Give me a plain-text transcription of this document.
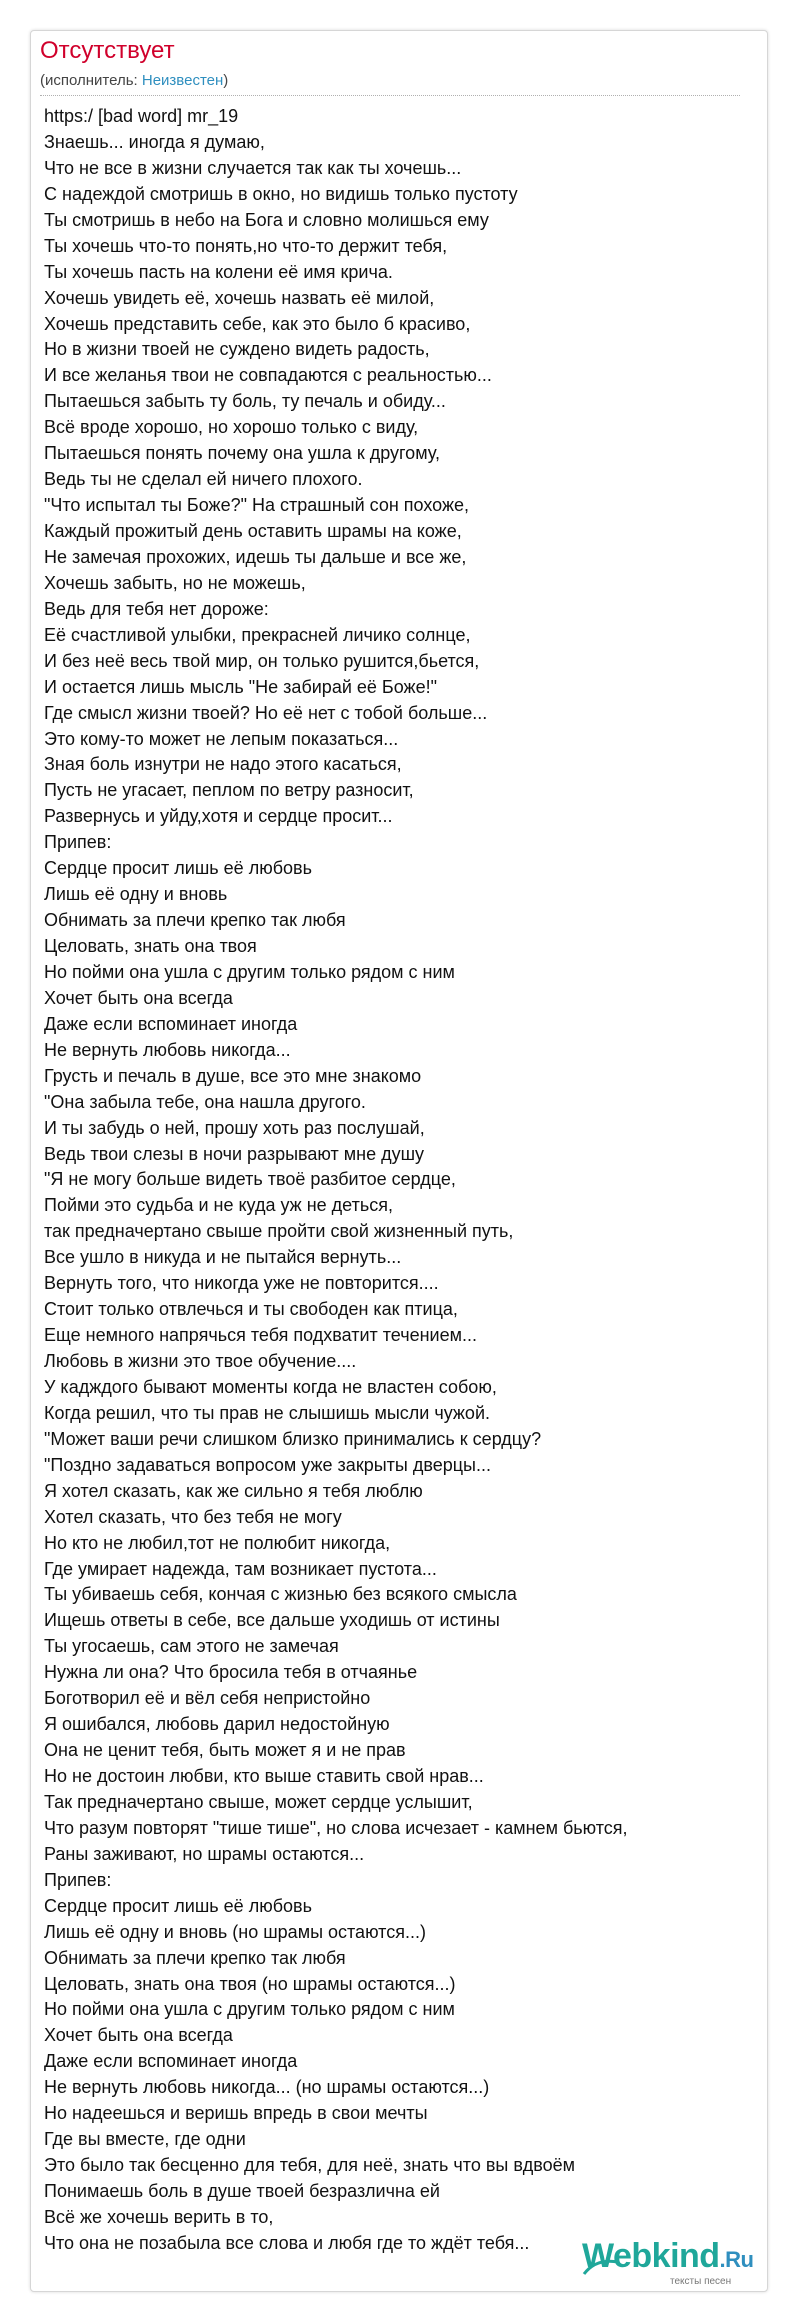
Отсутствует
(исполнитель: Неизвестен)
https:/ [bad word] mr_19
Знаешь... иногда я думаю,
Что не все в жизни случается так как ты хочешь...
С надеждой смотришь в окно, но видишь только пустоту
Ты смотришь в небо на Бога и словно молишься ему
Ты хочешь что-то понять,но что-то держит тебя,
Ты хочешь пасть на колени её имя крича.
Хочешь увидеть её, хочешь назвать её милой,
Хочешь представить себе, как это было б красиво,
Но в жизни твоей не суждено видеть радость,
И все желанья твои не совпадаются с реальностью...
Пытаешься забыть ту боль, ту печаль и обиду...
Всё вроде хорошо, но хорошо только с виду,
Пытаешься понять почему она ушла к другому,
Ведь ты не сделал ей ничего плохого.
"Что испытал ты Боже?" На страшный сон похоже,
Каждый прожитый день оставить шрамы на коже,
Не замечая прохожих, идешь ты дальше и все же,
Хочешь забыть, но не можешь,
Ведь для тебя нет дороже:
Её счастливой улыбки, прекрасней личико солнце,
И без неё весь твой мир, он только рушится,бьется,
И остается лишь мысль "Не забирай её Боже!"
Где смысл жизни твоей? Но её нет с тобой больше...
Это кому-то может не лепым показаться...
Зная боль изнутри не надо этого касаться,
Пусть не угасает, пеплом по ветру разносит,
Развернусь и уйду,хотя и сердце просит...
Припев:
Сердце просит лишь её любовь
Лишь её одну и вновь
Обнимать за плечи крепко так любя
Целовать, знать она твоя
Но пойми она ушла с другим только рядом с ним
Хочет быть она всегда
Даже если вспоминает иногда
Не вернуть любовь никогда...
Грусть и печаль в душе, все это мне знакомо
"Она забыла тебе, она нашла другого.
И ты забудь о ней, прошу хоть раз послушай,
Ведь твои слезы в ночи разрывают мне душу
"Я не могу больше видеть твоё разбитое сердце,
Пойми это судьба и не куда уж не деться,
так предначертано свыше пройти свой жизненный путь,
Все ушло в никуда и не пытайся вернуть...
Вернуть того, что никогда уже не повторится....
Стоит только отвлечься и ты свободен как птица,
Еще немного напрячься тебя подхватит течением...
Любовь в жизни это твое обучение....
У кадждого бывают моменты когда не властен собою,
Когда решил, что ты прав не слышишь мысли чужой.
"Может ваши речи слишком близко принимались к сердцу?
"Поздно задаваться вопросом уже закрыты дверцы...
Я хотел сказать, как же сильно я тебя люблю
Хотел сказать, что без тебя не могу
Но кто не любил,тот не полюбит никогда,
Где умирает надежда, там возникает пустота...
Ты убиваешь себя, кончая с жизнью без всякого смысла
Ищешь ответы в себе, все дальше уходишь от истины
Ты угосаешь, сам этого не замечая
Нужна ли она? Что бросила тебя в отчаянье
Боготворил её и вёл себя непристойно
Я ошибался, любовь дарил недостойную
Она не ценит тебя, быть может я и не прав
Но не достоин любви, кто выше ставить свой нрав...
Так предначертано свыше, может сердце услышит,
Что разум повторят "тише тише", но слова исчезает - камнем бьются,
Раны заживают, но шрамы остаются...
Припев:
Сердце просит лишь её любовь
Лишь её одну и вновь (но шрамы остаются...)
Обнимать за плечи крепко так любя
Целовать, знать она твоя (но шрамы остаются...)
Но пойми она ушла с другим только рядом с ним
Хочет быть она всегда
Даже если вспоминает иногда
Не вернуть любовь никогда... (но шрамы остаются...)
Но надеешься и веришь впредь в свои мечты
Где вы вместе, где одни
Это было так бесценно для тебя, для неё, знать что вы вдвоём
Понимаешь боль в душе твоей безразлична ей
Всё же хочешь верить в то,
Что она не позабыла все слова и любя где то ждёт тебя...	Webkind.Ru
тексты песен
